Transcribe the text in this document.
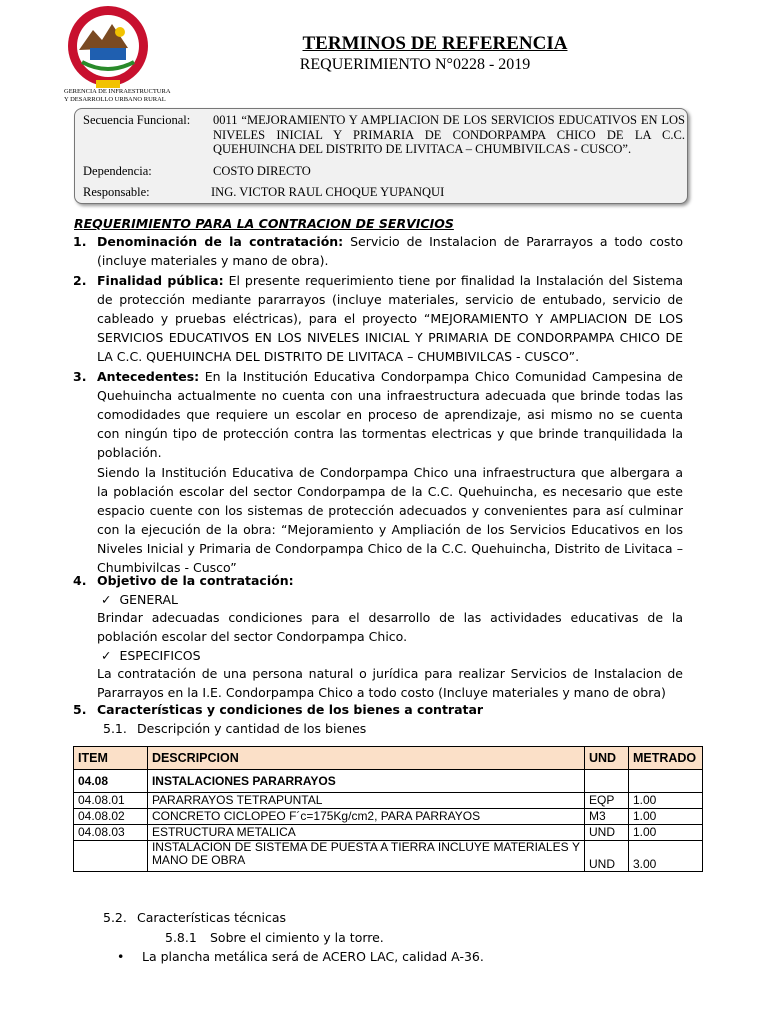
GERENCIA DE INFRAESTRUCTURA
Y DESARROLLO URBANO RURAL
TERMINOS DE REFERENCIA
REQUERIMIENTO N°0228 - 2019
Secuencia Funcional:	0011 “MEJORAMIENTO Y AMPLIACION DE LOS SERVICIOS EDUCATIVOS EN LOS NIVELES INICIAL Y PRIMARIA DE CONDORPAMPA CHICO DE LA C.C. QUEHUINCHA DEL DISTRITO DE LIVITACA – CHUMBIVILCAS - CUSCO”.
Dependencia:	COSTO DIRECTO
Responsable:	ING. VICTOR RAUL CHOQUE YUPANQUI
REQUERIMIENTO PARA LA CONTRACION DE SERVICIOS
1. Denominación de la contratación: Servicio de Instalacion de Pararrayos a todo costo (incluye materiales y mano de obra).
2. Finalidad pública: El presente requerimiento tiene por finalidad la Instalación del Sistema de protección mediante pararrayos (incluye materiales, servicio de entubado, servicio de cableado y pruebas eléctricas), para el proyecto “MEJORAMIENTO Y AMPLIACION DE LOS SERVICIOS EDUCATIVOS EN LOS NIVELES INICIAL Y PRIMARIA DE CONDORPAMPA CHICO DE LA C.C. QUEHUINCHA DEL DISTRITO DE LIVITACA – CHUMBIVILCAS - CUSCO”.
3. Antecedentes: En la Institución Educativa Condorpampa Chico Comunidad Campesina de Quehuincha actualmente no cuenta con una infraestructura adecuada que brinde todas las comodidades que requiere un escolar en proceso de aprendizaje, asi mismo no se cuenta con ningún tipo de protección contra las tormentas electricas y que brinde tranquilidada la población.
Siendo la Institución Educativa de Condorpampa Chico una infraestructura que albergara a la población escolar del sector Condorpampa de la C.C. Quehuincha, es necesario que este espacio cuente con los sistemas de protección adecuados y convenientes para así culminar con la ejecución de la obra: “Mejoramiento y Ampliación de los Servicios Educativos en los Niveles Inicial y Primaria de Condorpampa Chico de la C.C. Quehuincha, Distrito de Livitaca – Chumbivilcas - Cusco”
4. Objetivo de la contratación:
✓ GENERAL
Brindar adecuadas condiciones para el desarrollo de las actividades educativas de la población escolar del sector Condorpampa Chico.
✓ ESPECIFICOS
La contratación de una persona natural o jurídica para realizar Servicios de Instalacion de Pararrayos en la I.E. Condorpampa Chico a todo costo (Incluye materiales y mano de obra)
5. Características y condiciones de los bienes a contratar
5.1. Descripción y cantidad de los bienes
ITEM	DESCRIPCION	UND	METRADO
04.08	INSTALACIONES PARARRAYOS		
04.08.01	PARARRAYOS TETRAPUNTAL	EQP	1.00
04.08.02	CONCRETO CICLOPEO F´c=175Kg/cm2, PARA PARRAYOS	M3	1.00
04.08.03	ESTRUCTURA METALICA	UND	1.00
	INSTALACION DE SISTEMA DE PUESTA A TIERRA INCLUYE MATERIALES Y MANO DE OBRA	UND	3.00
5.2. Características técnicas
5.8.1	Sobre el cimiento y la torre.
•	La plancha metálica será de ACERO LAC, calidad A-36.
